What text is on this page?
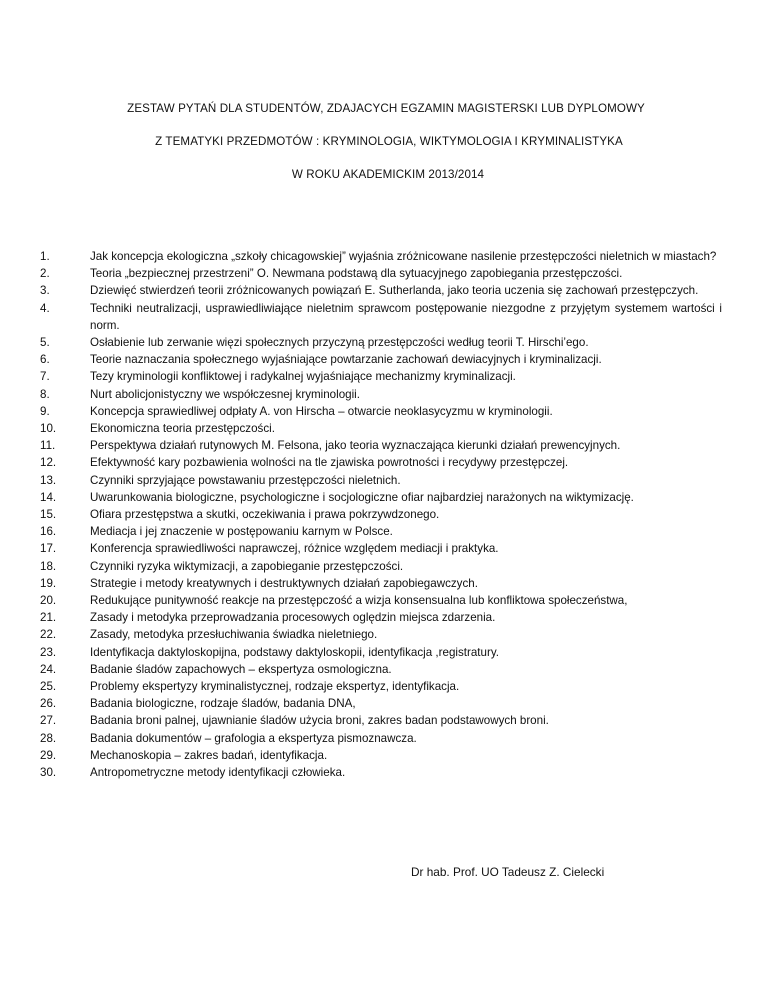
ZESTAW PYTAŃ DLA STUDENTÓW, ZDAJACYCH EGZAMIN MAGISTERSKI LUB DYPLOMOWY
Z TEMATYKI PRZEDMOTÓW : KRYMINOLOGIA, WIKTYMOLOGIA I KRYMINALISTYKA
W ROKU AKADEMICKIM 2013/2014
1.	Jak koncepcja ekologiczna „szkoły chicagowskiej” wyjaśnia zróżnicowane nasilenie przestępczości nieletnich w miastach?
2.	Teoria „bezpiecznej przestrzeni” O. Newmana podstawą dla sytuacyjnego zapobiegania przestępczości.
3.	Dziewięć stwierdzeń teorii zróżnicowanych powiązań E. Sutherlanda, jako teoria uczenia się zachowań przestępczych.
4.	Techniki neutralizacji, usprawiedliwiające nieletnim sprawcom postępowanie niezgodne z przyjętym systemem wartości i norm.
5.	Osłabienie lub zerwanie więzi społecznych przyczyną przestępczości według teorii T. Hirschi’ego.
6.	Teorie naznaczania społecznego wyjaśniające powtarzanie zachowań dewiacyjnych i kryminalizacji.
7.	Tezy kryminologii konfliktowej i radykalnej wyjaśniające mechanizmy kryminalizacji.
8.	Nurt abolicjonistyczny we współczesnej kryminologii.
9.	Koncepcja sprawiedliwej odpłaty A. von Hirscha – otwarcie neoklasycyzmu w kryminologii.
10.	Ekonomiczna teoria przestępczości.
11.	Perspektywa działań rutynowych M. Felsona, jako teoria wyznaczająca kierunki działań prewencyjnych.
12.	Efektywność kary pozbawienia wolności na tle zjawiska powrotności i recydywy przestępczej.
13.	Czynniki sprzyjające powstawaniu przestępczości nieletnich.
14.	Uwarunkowania biologiczne, psychologiczne i socjologiczne ofiar najbardziej narażonych na wiktymizację.
15.	Ofiara przestępstwa a skutki, oczekiwania i prawa pokrzywdzonego.
16.	Mediacja i jej znaczenie w postępowaniu karnym w Polsce.
17.	Konferencja sprawiedliwości naprawczej, różnice względem mediacji i praktyka.
18.	Czynniki ryzyka wiktymizacji, a zapobieganie przestępczości.
19.	Strategie i metody kreatywnych i destruktywnych działań zapobiegawczych.
20.	Redukujące punitywność reakcje na przestępczość a wizja konsensualna lub konfliktowa społeczeństwa,
21.	Zasady i metodyka przeprowadzania procesowych oględzin miejsca zdarzenia.
22.	Zasady, metodyka przesłuchiwania świadka nieletniego.
23.	Identyfikacja daktyloskopijna, podstawy daktyloskopii, identyfikacja ,registratury.
24.	Badanie śladów zapachowych – ekspertyza osmologiczna.
25.	Problemy ekspertyzy kryminalistycznej, rodzaje ekspertyz, identyfikacja.
26.	Badania biologiczne, rodzaje śladów, badania DNA,
27.	Badania broni palnej, ujawnianie śladów użycia broni, zakres badan podstawowych broni.
28.	Badania dokumentów – grafologia a ekspertyza pismoznawcza.
29.	Mechanoskopia – zakres badań, identyfikacja.
30.	Antropometryczne metody identyfikacji człowieka.
Dr hab. Prof. UO Tadeusz Z. Cielecki
